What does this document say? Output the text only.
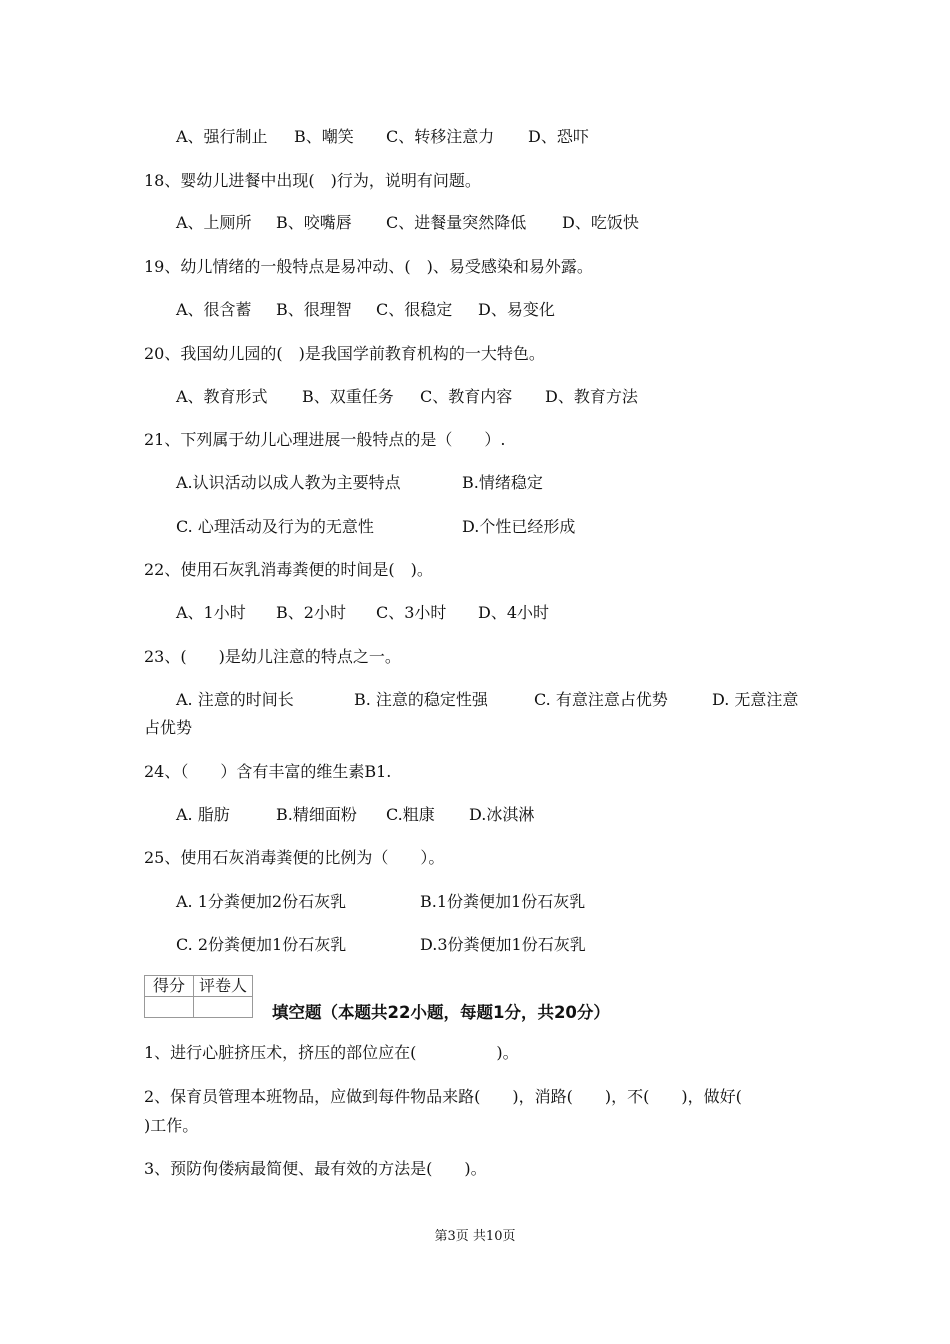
A、强行制止 B、嘲笑 C、转移注意力 D、恐吓
18、婴幼儿进餐中出现(　)行为，说明有问题。
A、上厕所 B、咬嘴唇 C、进餐量突然降低 D、吃饭快
19、幼儿情绪的一般特点是易冲动、(　)、易受感染和易外露。
A、很含蓄 B、很理智 C、很稳定 D、易变化
20、我国幼儿园的(　)是我国学前教育机构的一大特色。
A、教育形式 B、双重任务 C、教育内容 D、教育方法
21、下列属于幼儿心理进展一般特点的是（　　）.
A.认识活动以成人教为主要特点	B.情绪稳定
C. 心理活动及行为的无意性	D.个性已经形成
22、使用石灰乳消毒粪便的时间是(　)。
A、1小时 B、2小时 C、3小时 D、4小时
23、(　　)是幼儿注意的特点之一。
A. 注意的时间长	B. 注意的稳定性强	C. 有意注意占优势	D. 无意注意
占优势
24、（　　）含有丰富的维生素B1.
A. 脂肪	B.精细面粉 C.粗康 D.冰淇淋
25、使用石灰消毒粪便的比例为（　　）。
A. 1分粪便加2份石灰乳	B.1份粪便加1份石灰乳
C. 2份粪便加1份石灰乳	D.3份粪便加1份石灰乳
得分	评卷人

填空题（本题共22小题，每题1分，共20分）
1、进行心脏挤压术，挤压的部位应在(　　　　　)。
2、保育员管理本班物品，应做到每件物品来路(　　)，消路(　　)，不(　　)，做好(
)工作。
3、预防佝偻病最简便、最有效的方法是(　　)。
第3页 共10页
